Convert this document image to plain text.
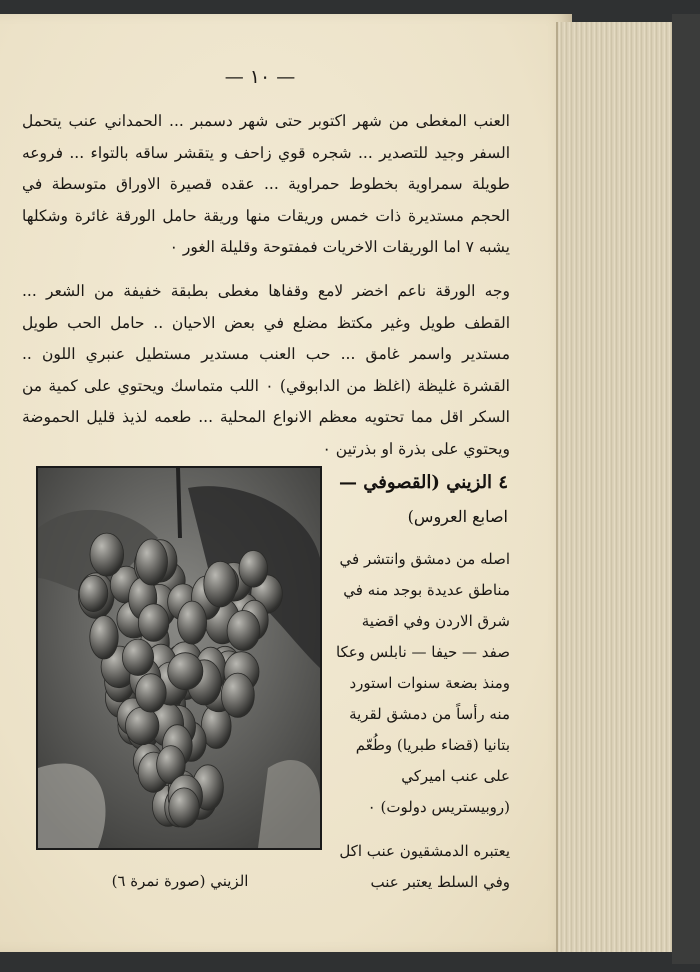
— ١٠ —
العنب المغطى من شهر اكتوبر حتى شهر دسمبر ... الحمداني عنب يتحمل السفر وجيد للتصدير ... شجره قوي زاحف و يتقشر ساقه بالتواء ... فروعه طويلة سمراوية بخطوط حمراوية ... عقده قصيرة الاوراق متوسطة في الحجم مستديرة ذات خمس وريقات منها وريقة حامل الورقة غائرة وشكلها يشبه ٧ اما الوريقات الاخريات فمفتوحة وقليلة الغور ٠
وجه الورقة ناعم اخضر لامع وقفاها مغطى بطبقة خفيفة من الشعر ... القطف طويل وغير مكتظ مضلع في بعض الاحيان .. حامل الحب طويل مستدير واسمر غامق ... حب العنب مستدير مستطيل عنبري اللون .. القشرة غليظة (اغلظ من الدابوقي) ٠ اللب متماسك ويحتوي على كمية من السكر اقل مما تحتويه معظم الانواع المحلية ... طعمه لذيذ قليل الحموضة ويحتوي على بذرة او بذرتين ٠
الزيني (صورة نمرة ٦)
٤ الزيني (القصوفي —
اصابع العروس)
اصله من دمشق وانتشر في مناطق عديدة بوجد منه في شرق الاردن وفي اقضية صفد — حيفا — نابلس وعكا ومنذ بضعة سنوات استورد منه رأساً من دمشق لقرية بتانيا (قضاء طبريا) وطُعّم على عنب اميركي (روبيستريس دولوت) ٠
يعتبره الدمشقيون عنب اكل وفي السلط يعتبر عنب
